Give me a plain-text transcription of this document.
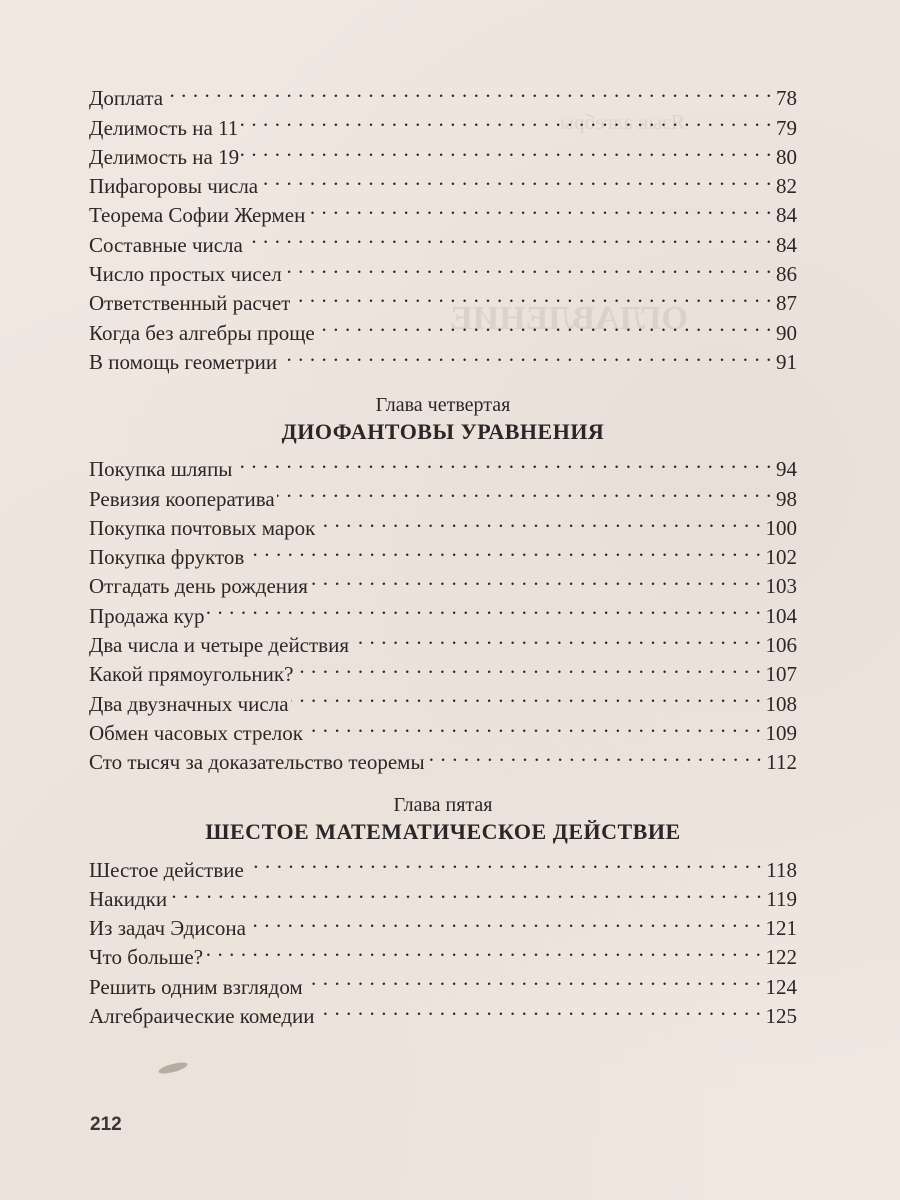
Язык алгебры
ОГЛАВЛЕНИЕ
Доплата . . .	78
Делимость на 11 . . .	79
Делимость на 19 . . .	80
Пифагоровы числа . . .	82
Теорема Софии Жермен . . .	84
Составные числа . . .	84
Число простых чисел . . .	86
Ответственный расчет . . .	87
Когда без алгебры проще . . .	90
В помощь геометрии . . .	91
Глава четвертая
ДИОФАНТОВЫ УРАВНЕНИЯ
Покупка шляпы . . .	94
Ревизия кооператива . . .	98
Покупка почтовых марок . . .	100
Покупка фруктов . . .	102
Отгадать день рождения . . .	103
Продажа кур . . .	104
Два числа и четыре действия . . .	106
Какой прямоугольник? . . .	107
Два двузначных числа . . .	108
Обмен часовых стрелок . . .	109
Сто тысяч за доказательство теоремы . . .	112
Глава пятая
ШЕСТОЕ МАТЕМАТИЧЕСКОЕ ДЕЙСТВИЕ
Шестое действие . . .	118
Накидки . . .	119
Из задач Эдисона . . .	121
Что больше? . . .	122
Решить одним взглядом . . .	124
Алгебраические комедии . . .	125
212
